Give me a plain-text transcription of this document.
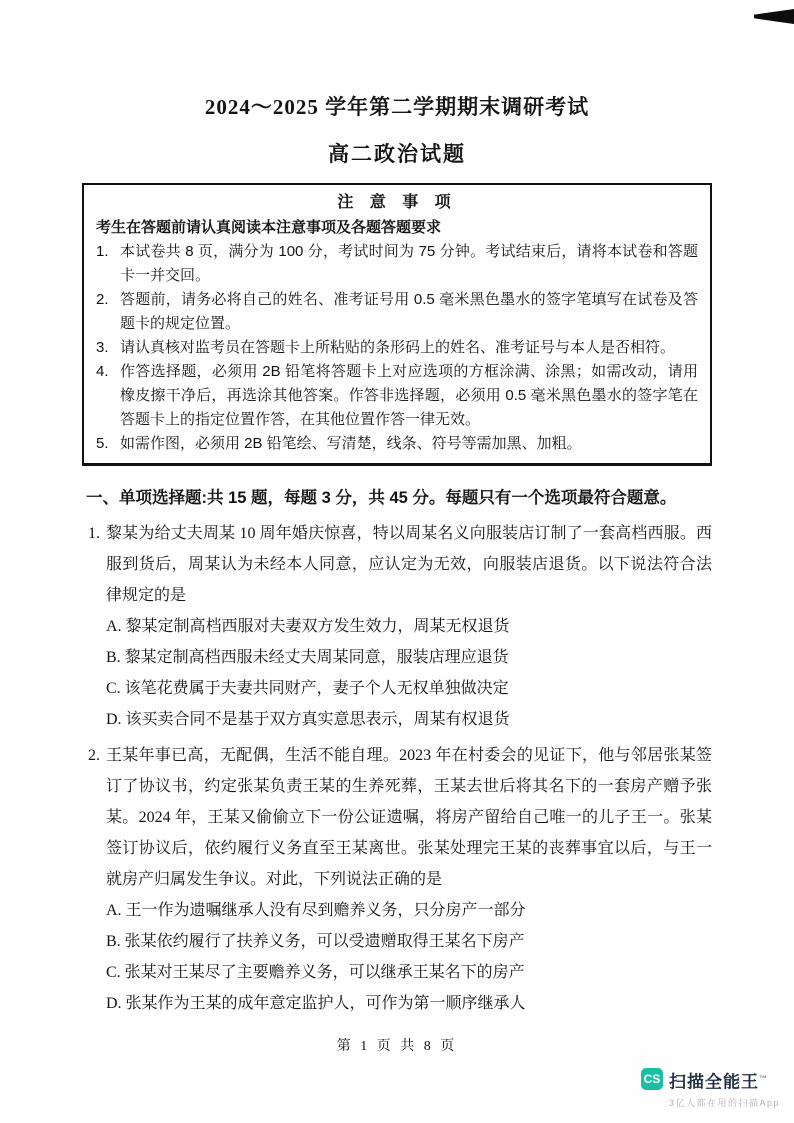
2024～2025 学年第二学期期末调研考试
高二政治试题
注 意 事 项
考生在答题前请认真阅读本注意事项及各题答题要求
1. 本试卷共 8 页，满分为 100 分，考试时间为 75 分钟。考试结束后，请将本试卷和答题卡一并交回。
2. 答题前，请务必将自己的姓名、准考证号用 0.5 毫米黑色墨水的签字笔填写在试卷及答题卡的规定位置。
3. 请认真核对监考员在答题卡上所粘贴的条形码上的姓名、准考证号与本人是否相符。
4. 作答选择题，必须用 2B 铅笔将答题卡上对应选项的方框涂满、涂黑；如需改动，请用橡皮擦干净后，再选涂其他答案。作答非选择题，必须用 0.5 毫米黑色墨水的签字笔在答题卡上的指定位置作答，在其他位置作答一律无效。
5. 如需作图，必须用 2B 铅笔绘、写清楚，线条、符号等需加黑、加粗。
一、单项选择题:共 15 题，每题 3 分，共 45 分。每题只有一个选项最符合题意。
1. 黎某为给丈夫周某 10 周年婚庆惊喜，特以周某名义向服装店订制了一套高档西服。西服到货后，周某认为未经本人同意，应认定为无效，向服装店退货。以下说法符合法律规定的是
A. 黎某定制高档西服对夫妻双方发生效力，周某无权退货
B. 黎某定制高档西服未经丈夫周某同意，服装店理应退货
C. 该笔花费属于夫妻共同财产，妻子个人无权单独做决定
D. 该买卖合同不是基于双方真实意思表示，周某有权退货
2. 王某年事已高，无配偶，生活不能自理。2023 年在村委会的见证下，他与邻居张某签订了协议书，约定张某负责王某的生养死葬，王某去世后将其名下的一套房产赠予张某。2024 年，王某又偷偷立下一份公证遗嘱，将房产留给自己唯一的儿子王一。张某签订协议后，依约履行义务直至王某离世。张某处理完王某的丧葬事宜以后，与王一就房产归属发生争议。对此，下列说法正确的是
A. 王一作为遗嘱继承人没有尽到赡养义务，只分房产一部分
B. 张某依约履行了扶养义务，可以受遗赠取得王某名下房产
C. 张某对王某尽了主要赡养义务，可以继承王某名下的房产
D. 张某作为王某的成年意定监护人，可作为第一顺序继承人
第 1 页 共 8 页
CS 扫描全能王™
3亿人都在用的扫描App
